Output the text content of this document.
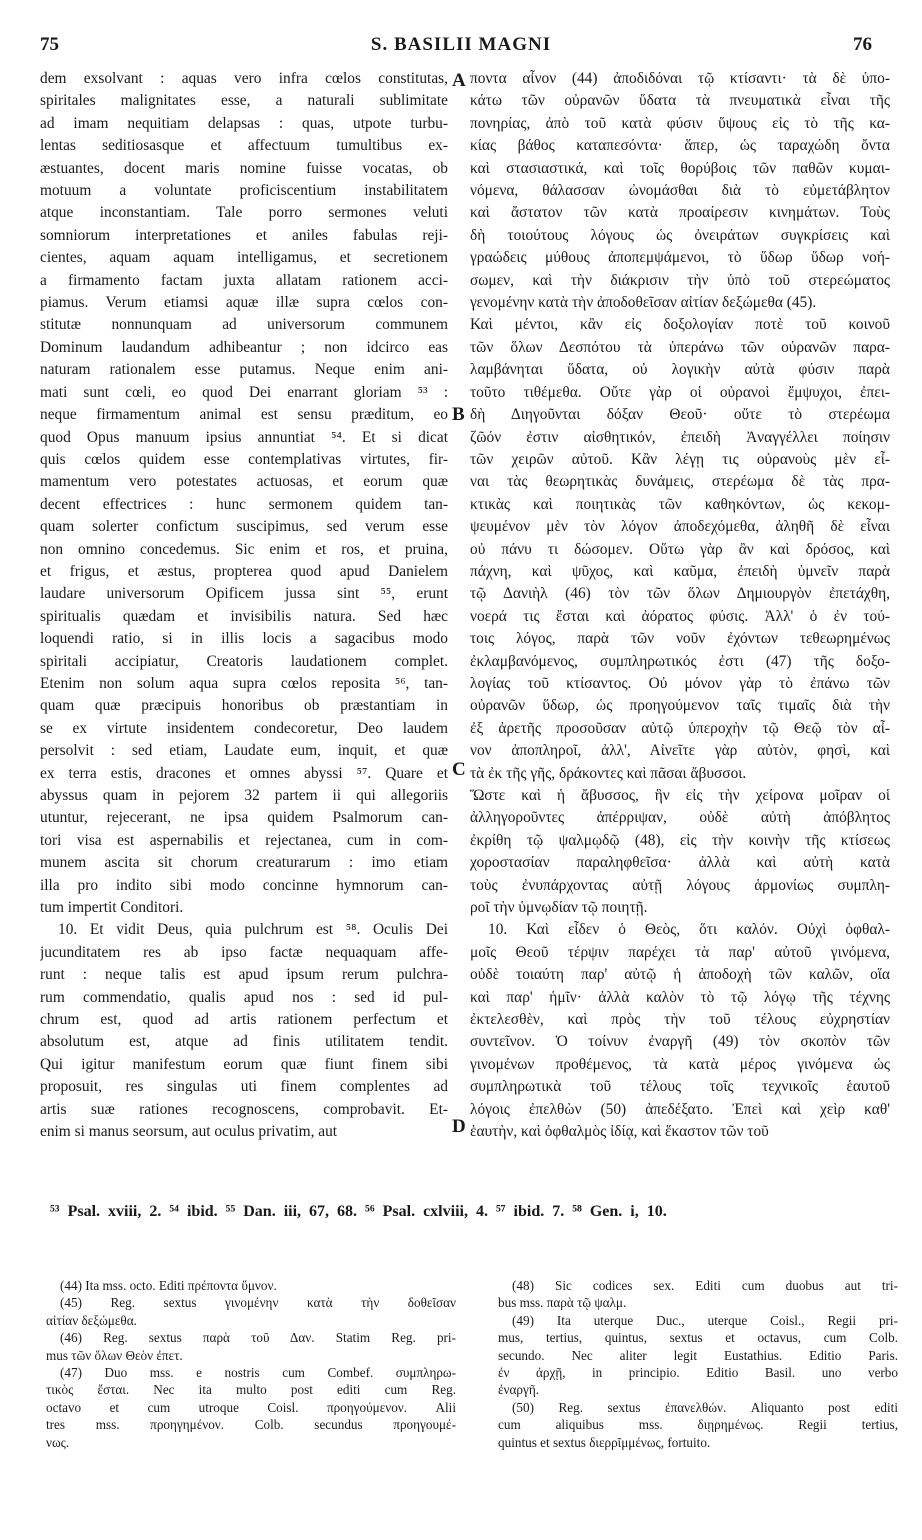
75	S. BASILII MAGNI	76
dem exsolvant : aquas vero infra cœlos constitutas,
spiritales malignitates esse, a naturali sublimitate
ad imam nequitiam delapsas : quas, utpote turbu-
lentas seditiosasque et affectuum tumultibus ex-
æstuantes, docent maris nomine fuisse vocatas, ob
motuum a voluntate proficiscentium instabilitatem
atque inconstantiam. Tale porro sermones veluti
somniorum interpretationes et aniles fabulas reji-
cientes, aquam aquam intelligamus, et secretionem
a firmamento factam juxta allatam rationem acci-
piamus. Verum etiamsi aquæ illæ supra cœlos con-
stitutæ nonnunquam ad universorum communem
Dominum laudandum adhibeantur ; non idcirco eas
naturam rationalem esse putamus. Neque enim ani-
mati sunt cœli, eo quod Dei enarrant gloriam ⁵³ :
neque firmamentum animal est sensu præditum, eo
quod Opus manuum ipsius annuntiat ⁵⁴. Et si dicat
quis cœlos quidem esse contemplativas virtutes, fir-
mamentum vero potestates actuosas, et eorum quæ
decent effectrices : hunc sermonem quidem tan-
quam solerter confictum suscipimus, sed verum esse
non omnino concedemus. Sic enim et ros, et pruina,
et frigus, et æstus, propterea quod apud Danielem
laudare universorum Opificem jussa sint ⁵⁵, erunt
spiritualis quædam et invisibilis natura. Sed hæc
loquendi ratio, si in illis locis a sagacibus modo
spiritali accipiatur, Creatoris laudationem complet.
Etenim non solum aqua supra cœlos reposita ⁵⁶, tan-
quam quæ præcipuis honoribus ob præstantiam in
se ex virtute insidentem condecoretur, Deo laudem
persolvit : sed etiam, Laudate eum, inquit, et quæ
ex terra estis, dracones et omnes abyssi ⁵⁷. Quare et
abyssus quam in pejorem 32 partem ii qui allegoriis
utuntur, rejecerant, ne ipsa quidem Psalmorum can-
tori visa est aspernabilis et rejectanea, cum in com-
munem ascita sit chorum creaturarum : imo etiam
illa pro indito sibi modo concinne hymnorum can-
tum impertit Conditori.
10. Et vidit Deus, quia pulchrum est ⁵⁸. Oculis Dei
jucunditatem res ab ipso factæ nequaquam affe-
runt : neque talis est apud ipsum rerum pulchra-
rum commendatio, qualis apud nos : sed id pul-
chrum est, quod ad artis rationem perfectum et
absolutum est, atque ad finis utilitatem tendit.
Qui igitur manifestum eorum quæ fiunt finem sibi
proposuit, res singulas uti finem complentes ad
artis suæ rationes recognoscens, comprobavit. Et-
enim si manus seorsum, aut oculus privatim, aut
A
B
C
D
ποντα αἶνον (44) ἀποδιδόναι τῷ κτίσαντι· τὰ δὲ ὑπο-
κάτω τῶν οὐρανῶν ὕδατα τὰ πνευματικὰ εἶναι τῆς
πονηρίας, ἀπὸ τοῦ κατὰ φύσιν ὕψους εἰς τὸ τῆς κα-
κίας βάθος καταπεσόντα· ἅπερ, ὡς ταραχώδη ὄντα
καὶ στασιαστικά, καὶ τοῖς θορύβοις τῶν παθῶν κυμαι-
νόμενα, θάλασσαν ὠνομάσθαι διὰ τὸ εὐμετάβλητον
καὶ ἄστατον τῶν κατὰ προαίρεσιν κινημάτων. Τοὺς
δὴ τοιούτους λόγους ὡς ὀνειράτων συγκρίσεις καὶ
γραώδεις μύθους ἀποπεμψάμενοι, τὸ ὕδωρ ὕδωρ νοή-
σωμεν, καὶ τὴν διάκρισιν τὴν ὑπὸ τοῦ στερεώματος
γενομένην κατὰ τὴν ἀποδοθεῖσαν αἰτίαν δεξώμεθα (45).
Καὶ μέντοι, κἂν εἰς δοξολογίαν ποτὲ τοῦ κοινοῦ
τῶν ὅλων Δεσπότου τὰ ὑπεράνω τῶν οὐρανῶν παρα-
λαμβάνηται ὕδατα, οὐ λογικὴν αὐτὰ φύσιν παρὰ
τοῦτο τιθέμεθα. Οὔτε γὰρ οἱ οὐρανοὶ ἔμψυχοι, ἐπει-
δὴ Διηγοῦνται δόξαν Θεοῦ· οὔτε τὸ στερέωμα
ζῶόν ἐστιν αἰσθητικόν, ἐπειδὴ Ἀναγγέλλει ποίησιν
τῶν χειρῶν αὐτοῦ. Κἂν λέγῃ τις οὐρανοὺς μὲν εἶ-
ναι τὰς θεωρητικὰς δυνάμεις, στερέωμα δὲ τὰς πρα-
κτικὰς καὶ ποιητικὰς τῶν καθηκόντων, ὡς κεκομ-
ψευμένον μὲν τὸν λόγον ἀποδεχόμεθα, ἀληθῆ δὲ εἶναι
οὐ πάνυ τι δώσομεν. Οὕτω γὰρ ἂν καὶ δρόσος, καὶ
πάχνη, καὶ ψῦχος, καὶ καῦμα, ἐπειδὴ ὑμνεῖν παρὰ
τῷ Δανιὴλ (46) τὸν τῶν ὅλων Δημιουργὸν ἐπετάχθη,
νοερά τις ἔσται καὶ ἀόρατος φύσις. Ἀλλ' ὁ ἐν τού-
τοις λόγος, παρὰ τῶν νοῦν ἐχόντων τεθεωρημένως
ἐκλαμβανόμενος, συμπληρωτικός ἐστι (47) τῆς δοξο-
λογίας τοῦ κτίσαντος. Οὐ μόνον γὰρ τὸ ἐπάνω τῶν
οὐρανῶν ὕδωρ, ὡς προηγούμενον ταῖς τιμαῖς διὰ τὴν
ἐξ ἀρετῆς προσοῦσαν αὐτῷ ὑπεροχὴν τῷ Θεῷ τὸν αἶ-
νον ἀποπληροῖ, ἀλλ', Αἰνεῖτε γὰρ αὐτὸν, φησὶ, καὶ
τὰ ἐκ τῆς γῆς, δράκοντες καὶ πᾶσαι ἄβυσσοι.
Ὥστε καὶ ἡ ἄβυσσος, ἣν εἰς τὴν χείρονα μοῖραν οἱ
ἀλληγοροῦντες ἀπέρριψαν, οὐδὲ αὐτὴ ἀπόβλητος
ἐκρίθη τῷ ψαλμῳδῷ (48), εἰς τὴν κοινὴν τῆς κτίσεως
χοροστασίαν παραληφθεῖσα· ἀλλὰ καὶ αὐτὴ κατὰ
τοὺς ἐνυπάρχοντας αὐτῇ λόγους ἁρμονίως συμπλη-
ροῖ τὴν ὑμνῳδίαν τῷ ποιητῇ.
10. Καὶ εἶδεν ὁ Θεὸς, ὅτι καλόν. Οὐχὶ ὀφθαλ-
μοῖς Θεοῦ τέρψιν παρέχει τὰ παρ' αὐτοῦ γινόμενα,
οὐδὲ τοιαύτη παρ' αὐτῷ ἡ ἀποδοχὴ τῶν καλῶν, οἵα
καὶ παρ' ἡμῖν· ἀλλὰ καλὸν τὸ τῷ λόγῳ τῆς τέχνης
ἐκτελεσθὲν, καὶ πρὸς τὴν τοῦ τέλους εὐχρηστίαν
συντεῖνον. Ὁ τοίνυν ἐναργῆ (49) τὸν σκοπὸν τῶν
γινομένων προθέμενος, τὰ κατὰ μέρος γινόμενα ὡς
συμπληρωτικὰ τοῦ τέλους τοῖς τεχνικοῖς ἑαυτοῦ
λόγοις ἐπελθὼν (50) ἀπεδέξατο. Ἐπεὶ καὶ χεὶρ καθ'
ἑαυτὴν, καὶ ὀφθαλμὸς ἰδίᾳ, καὶ ἕκαστον τῶν τοῦ
⁵³ Psal. xviii, 2. ⁵⁴ ibid. ⁵⁵ Dan. iii, 67, 68. ⁵⁶ Psal. cxlviii, 4. ⁵⁷ ibid. 7. ⁵⁸ Gen. i, 10.
(44) Ita mss. octo. Editi πρέποντα ὕμνον.
(45) Reg. sextus γινομένην κατὰ τὴν δοθεῖσαν
αἰτίαν δεξώμεθα.
(46) Reg. sextus παρὰ τοῦ Δαν. Statim Reg. pri-
mus τῶν ὅλων Θεὸν ἐπετ.
(47) Duo mss. e nostris cum Combef. συμπληρω-
τικὸς ἔσται. Nec ita multo post editi cum Reg.
octavo et cum utroque Coisl. προηγούμενον. Alii
tres mss. προηγημένον. Colb. secundus προηγουμέ-
νως.
(48) Sic codices sex. Editi cum duobus aut tri-
bus mss. παρὰ τῷ ψαλμ.
(49) Ita uterque Duc., uterque Coisl., Regii pri-
mus, tertius, quintus, sextus et octavus, cum Colb.
secundo. Nec aliter legit Eustathius. Editio Paris.
ἐν ἀρχῇ, in principio. Editio Basil. uno verbo
ἐναργῆ.
(50) Reg. sextus ἐπανελθών. Aliquanto post editi
cum aliquibus mss. διῃρημένως. Regii tertius,
quintus et sextus διερρῖμμένως, fortuito.
